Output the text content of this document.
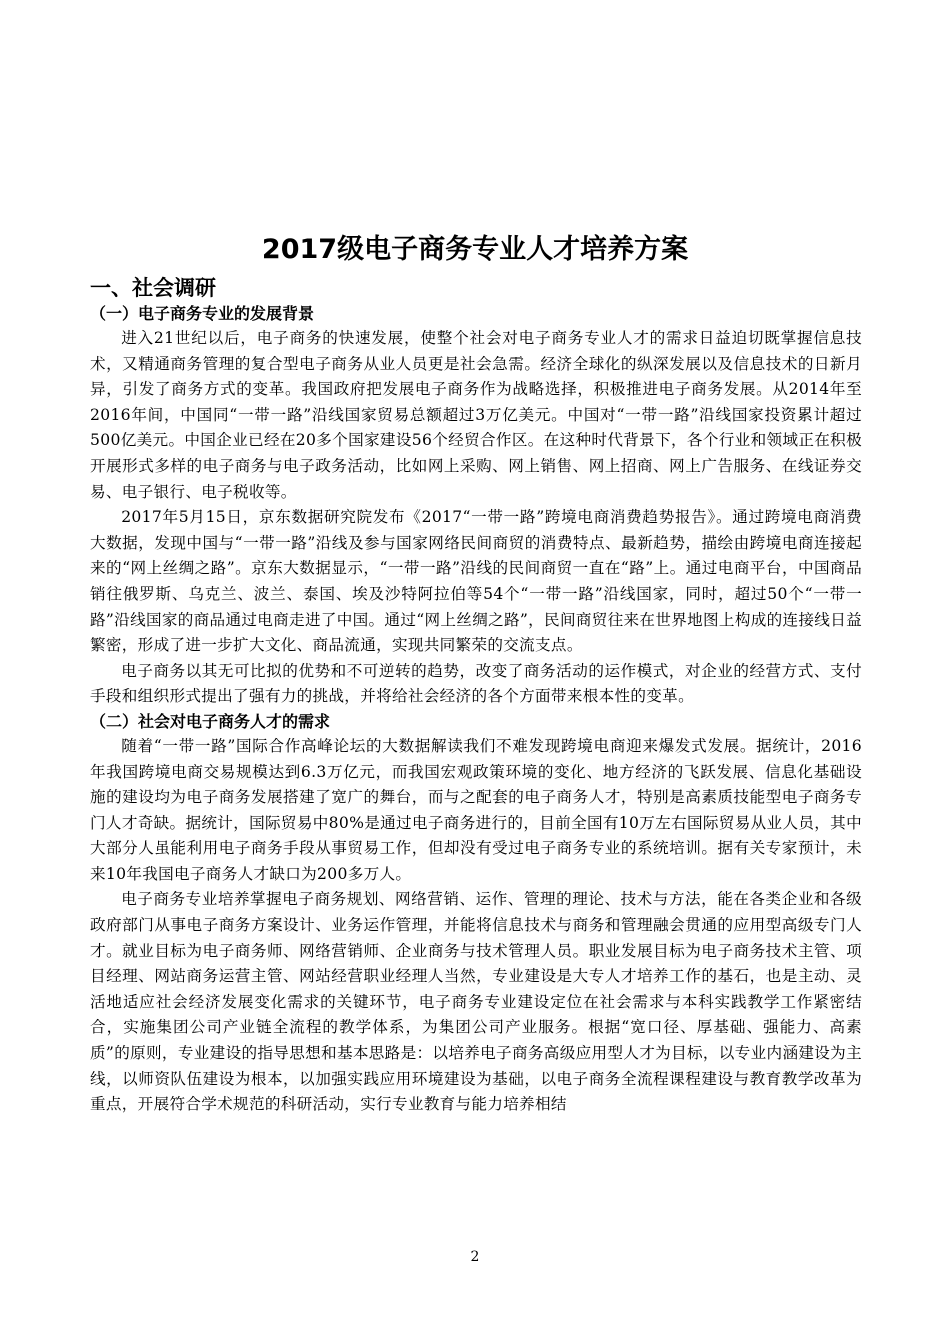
2017级电子商务专业人才培养方案
一、社会调研
（一）电子商务专业的发展背景

进入21世纪以后，电子商务的快速发展，使整个社会对电子商务专业人才的需求日益迫切既掌握信息技术，又精通商务管理的复合型电子商务从业人员更是社会急需。经济全球化的纵深发展以及信息技术的日新月异，引发了商务方式的变革。我国政府把发展电子商务作为战略选择，积极推进电子商务发展。从2014年至2016年间，中国同“一带一路”沿线国家贸易总额超过3万亿美元。中国对“一带一路”沿线国家投资累计超过500亿美元。中国企业已经在20多个国家建设56个经贸合作区。在这种时代背景下，各个行业和领域正在积极开展形式多样的电子商务与电子政务活动，比如网上采购、网上销售、网上招商、网上广告服务、在线证券交易、电子银行、电子税收等。

2017年5月15日，京东数据研究院发布《2017“一带一路”跨境电商消费趋势报告》。通过跨境电商消费大数据，发现中国与“一带一路”沿线及参与国家网络民间商贸的消费特点、最新趋势，描绘由跨境电商连接起来的“网上丝绸之路”。京东大数据显示，“一带一路”沿线的民间商贸一直在“路”上。通过电商平台，中国商品销往俄罗斯、乌克兰、波兰、泰国、埃及沙特阿拉伯等54个“一带一路”沿线国家，同时，超过50个“一带一路”沿线国家的商品通过电商走进了中国。通过“网上丝绸之路”，民间商贸往来在世界地图上构成的连接线日益繁密，形成了进一步扩大文化、商品流通，实现共同繁荣的交流支点。

电子商务以其无可比拟的优势和不可逆转的趋势，改变了商务活动的运作模式，对企业的经营方式、支付手段和组织形式提出了强有力的挑战，并将给社会经济的各个方面带来根本性的变革。

（二）社会对电子商务人才的需求

随着“一带一路”国际合作高峰论坛的大数据解读我们不难发现跨境电商迎来爆发式发展。据统计，2016年我国跨境电商交易规模达到6.3万亿元，而我国宏观政策环境的变化、地方经济的飞跃发展、信息化基础设施的建设均为电子商务发展搭建了宽广的舞台，而与之配套的电子商务人才，特别是高素质技能型电子商务专门人才奇缺。据统计，国际贸易中80%是通过电子商务进行的，目前全国有10万左右国际贸易从业人员，其中大部分人虽能利用电子商务手段从事贸易工作，但却没有受过电子商务专业的系统培训。据有关专家预计，未来10年我国电子商务人才缺口为200多万人。

电子商务专业培养掌握电子商务规划、网络营销、运作、管理的理论、技术与方法，能在各类企业和各级政府部门从事电子商务方案设计、业务运作管理，并能将信息技术与商务和管理融会贯通的应用型高级专门人才。就业目标为电子商务师、网络营销师、企业商务与技术管理人员。职业发展目标为电子商务技术主管、项目经理、网站商务运营主管、网站经营职业经理人当然，专业建设是大专人才培养工作的基石，也是主动、灵活地适应社会经济发展变化需求的关键环节，电子商务专业建设定位在社会需求与本科实践教学工作紧密结合，实施集团公司产业链全流程的教学体系，为集团公司产业服务。根据“宽口径、厚基础、强能力、高素质”的原则，专业建设的指导思想和基本思路是：以培养电子商务高级应用型人才为目标，以专业内涵建设为主线，以师资队伍建设为根本，以加强实践应用环境建设为基础，以电子商务全流程课程建设与教育教学改革为重点，开展符合学术规范的科研活动，实行专业教育与能力培养相结

2
